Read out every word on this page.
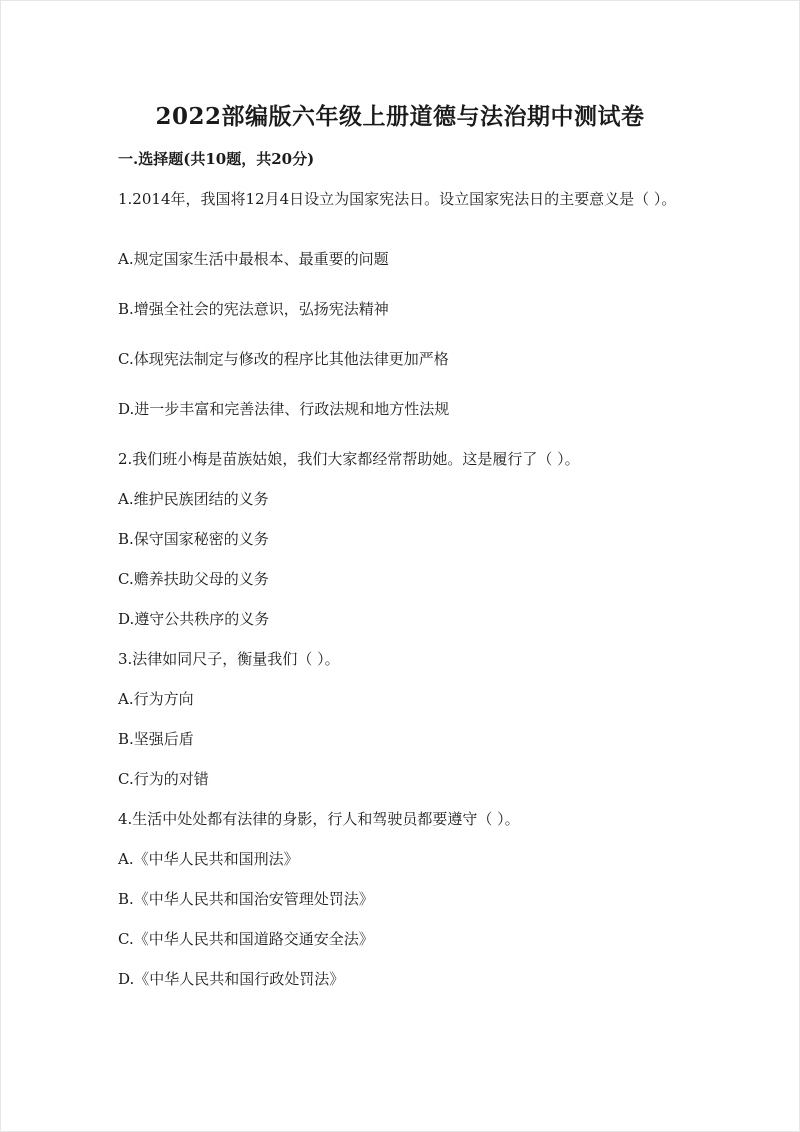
2022部编版六年级上册道德与法治期中测试卷
一.选择题(共10题，共20分)
1.2014年，我国将12月4日设立为国家宪法日。设立国家宪法日的主要意义是（ ）。
A.规定国家生活中最根本、最重要的问题
B.增强全社会的宪法意识，弘扬宪法精神
C.体现宪法制定与修改的程序比其他法律更加严格
D.进一步丰富和完善法律、行政法规和地方性法规
2.我们班小梅是苗族姑娘，我们大家都经常帮助她。这是履行了（ ）。
A.维护民族团结的义务
B.保守国家秘密的义务
C.赡养扶助父母的义务
D.遵守公共秩序的义务
3.法律如同尺子，衡量我们（ ）。
A.行为方向
B.坚强后盾
C.行为的对错
4.生活中处处都有法律的身影，行人和驾驶员都要遵守（ ）。
A.《中华人民共和国刑法》
B.《中华人民共和国治安管理处罚法》
C.《中华人民共和国道路交通安全法》
D.《中华人民共和国行政处罚法》
